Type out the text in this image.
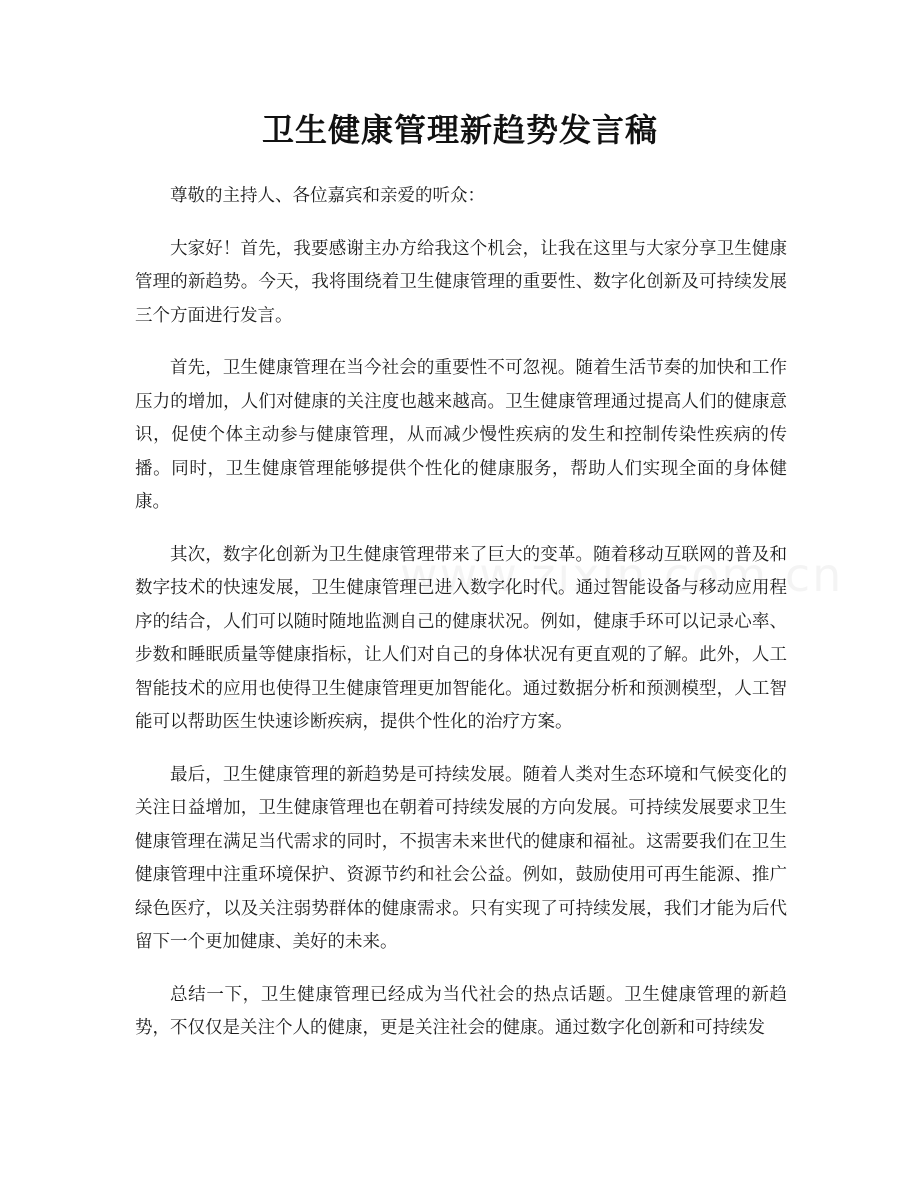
卫生健康管理新趋势发言稿

尊敬的主持人、各位嘉宾和亲爱的听众：

大家好！首先，我要感谢主办方给我这个机会，让我在这里与大家分享卫生健康管理的新趋势。今天，我将围绕着卫生健康管理的重要性、数字化创新及可持续发展三个方面进行发言。

首先，卫生健康管理在当今社会的重要性不可忽视。随着生活节奏的加快和工作压力的增加，人们对健康的关注度也越来越高。卫生健康管理通过提高人们的健康意识，促使个体主动参与健康管理，从而减少慢性疾病的发生和控制传染性疾病的传播。同时，卫生健康管理能够提供个性化的健康服务，帮助人们实现全面的身体健康。

其次，数字化创新为卫生健康管理带来了巨大的变革。随着移动互联网的普及和数字技术的快速发展，卫生健康管理已进入数字化时代。通过智能设备与移动应用程序的结合，人们可以随时随地监测自己的健康状况。例如，健康手环可以记录心率、步数和睡眠质量等健康指标，让人们对自己的身体状况有更直观的了解。此外，人工智能技术的应用也使得卫生健康管理更加智能化。通过数据分析和预测模型，人工智能可以帮助医生快速诊断疾病，提供个性化的治疗方案。

最后，卫生健康管理的新趋势是可持续发展。随着人类对生态环境和气候变化的关注日益增加，卫生健康管理也在朝着可持续发展的方向发展。可持续发展要求卫生健康管理在满足当代需求的同时，不损害未来世代的健康和福祉。这需要我们在卫生健康管理中注重环境保护、资源节约和社会公益。例如，鼓励使用可再生能源、推广绿色医疗，以及关注弱势群体的健康需求。只有实现了可持续发展，我们才能为后代留下一个更加健康、美好的未来。

总结一下，卫生健康管理已经成为当代社会的热点话题。卫生健康管理的新趋势，不仅仅是关注个人的健康，更是关注社会的健康。通过数字化创新和可持续发
